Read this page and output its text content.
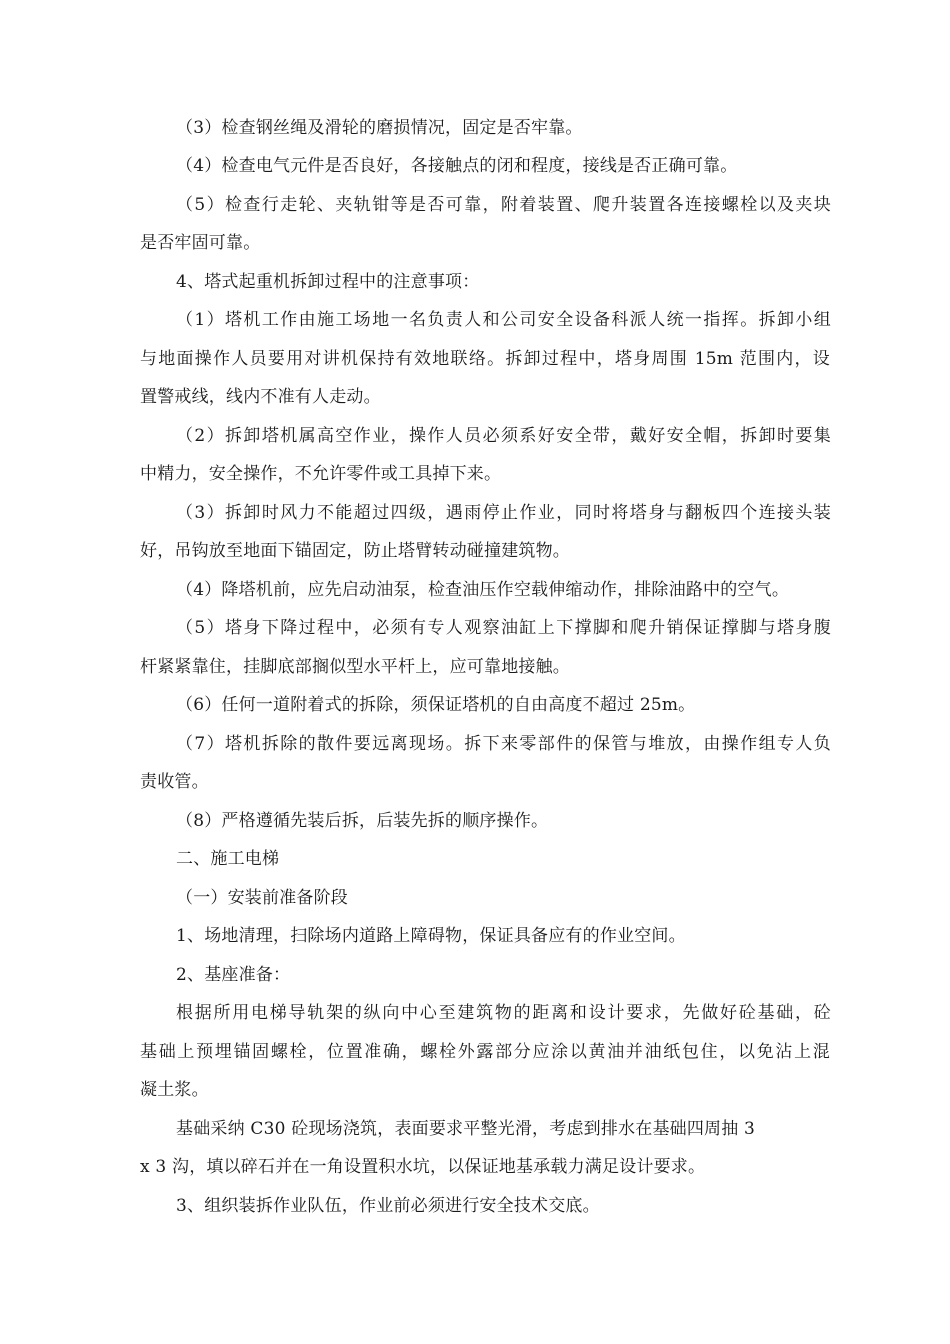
（3）检查钢丝绳及滑轮的磨损情况，固定是否牢靠。
（4）检查电气元件是否良好，各接触点的闭和程度，接线是否正确可靠。
（5）检查行走轮、夹轨钳等是否可靠，附着装置、爬升装置各连接螺栓以及夹块
是否牢固可靠。
4、塔式起重机拆卸过程中的注意事项：
（1）塔机工作由施工场地一名负责人和公司安全设备科派人统一指挥。拆卸小组
与地面操作人员要用对讲机保持有效地联络。拆卸过程中，塔身周围 15m 范围内，设
置警戒线，线内不准有人走动。
（2）拆卸塔机属高空作业，操作人员必须系好安全带，戴好安全帽，拆卸时要集
中精力，安全操作，不允许零件或工具掉下来。
（3）拆卸时风力不能超过四级，遇雨停止作业，同时将塔身与翻板四个连接头装
好，吊钩放至地面下锚固定，防止塔臂转动碰撞建筑物。
（4）降塔机前，应先启动油泵，检查油压作空载伸缩动作，排除油路中的空气。
（5）塔身下降过程中，必须有专人观察油缸上下撑脚和爬升销保证撑脚与塔身腹
杆紧紧靠住，挂脚底部搁似型水平杆上，应可靠地接触。
（6）任何一道附着式的拆除，须保证塔机的自由高度不超过 25m。
（7）塔机拆除的散件要远离现场。拆下来零部件的保管与堆放，由操作组专人负
责收管。
（8）严格遵循先装后拆，后装先拆的顺序操作。
二、施工电梯
（一）安装前准备阶段
1、场地清理，扫除场内道路上障碍物，保证具备应有的作业空间。
2、基座准备：
根据所用电梯导轨架的纵向中心至建筑物的距离和设计要求，先做好砼基础，砼
基础上预埋锚固螺栓，位置准确，螺栓外露部分应涂以黄油并油纸包住，以免沾上混
凝土浆。
基础采纳 C30 砼现场浇筑，表面要求平整光滑，考虑到排水在基础四周抽 3
x 3 沟，填以碎石并在一角设置积水坑，以保证地基承载力满足设计要求。
3、组织装拆作业队伍，作业前必须进行安全技术交底。
